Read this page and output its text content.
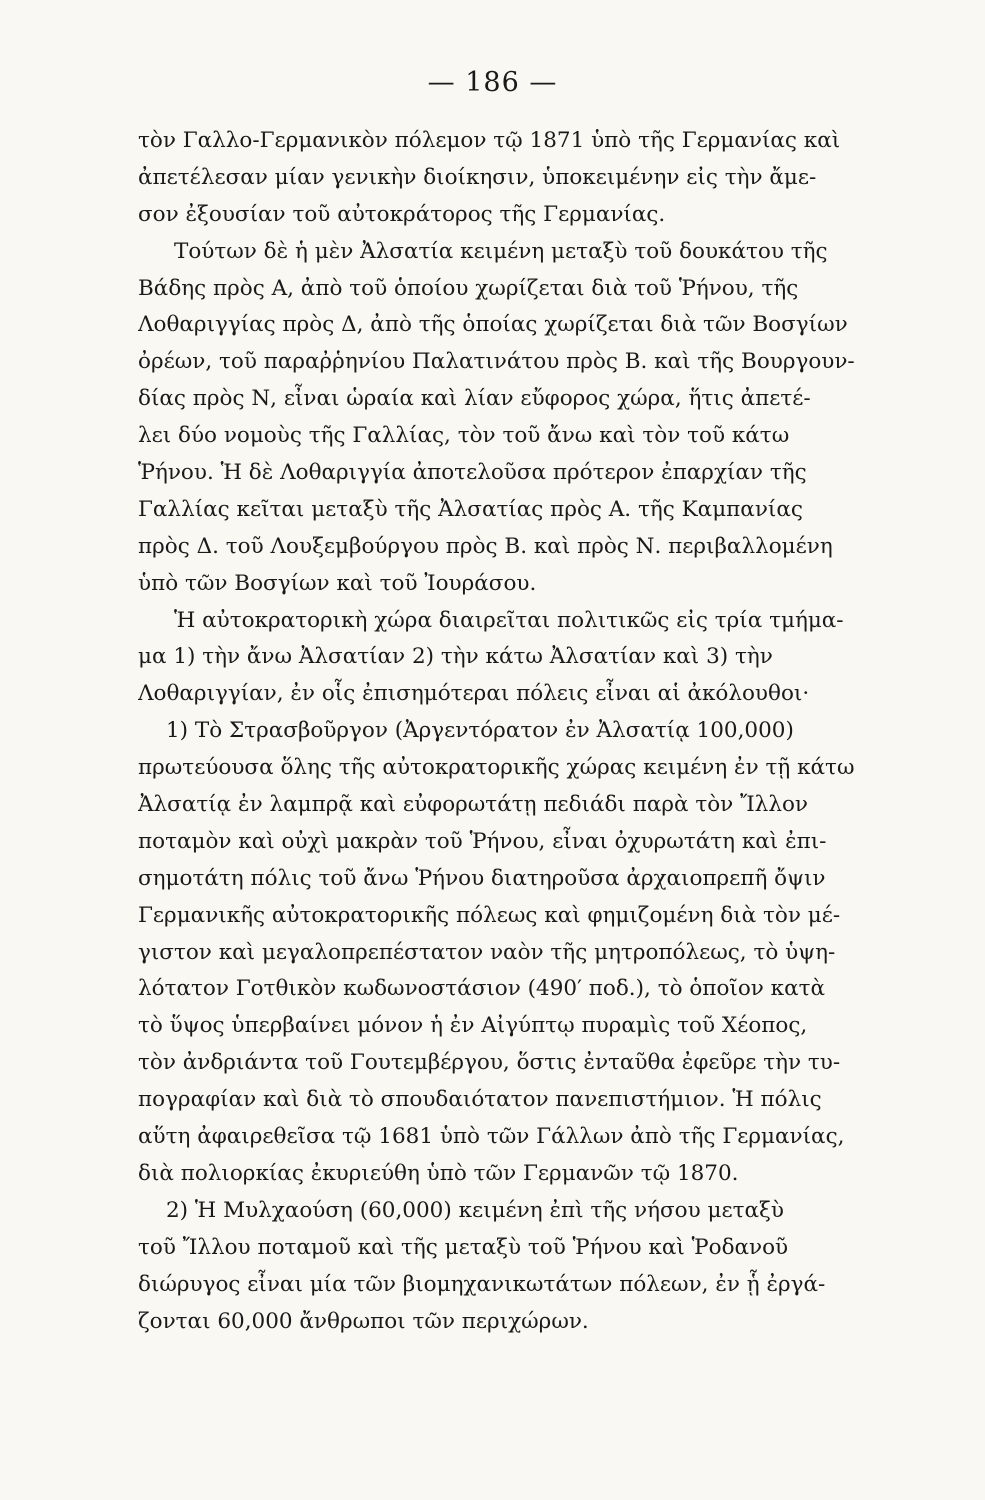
— 186 —
τὸν Γαλλο-Γερμανικὸν πόλεμον τῷ 1871 ὑπὸ τῆς Γερμανίας καὶ
ἀπετέλεσαν μίαν γενικὴν διοίκησιν, ὑποκειμένην εἰς τὴν ἄμε-
σον ἐξουσίαν τοῦ αὐτοκράτορος τῆς Γερμανίας.
Τούτων δὲ ἡ μὲν Ἀλσατία κειμένη μεταξὺ τοῦ δουκάτου τῆς
Βάδης πρὸς Α, ἀπὸ τοῦ ὁποίου χωρίζεται διὰ τοῦ Ῥήνου, τῆς
Λοθαριγγίας πρὸς Δ, ἀπὸ τῆς ὁποίας χωρίζεται διὰ τῶν Βοσγίων
ὀρέων, τοῦ παραῤῥηνίου Παλατινάτου πρὸς Β. καὶ τῆς Βουργουν-
δίας πρὸς Ν, εἶναι ὡραία καὶ λίαν εὔφορος χώρα, ἥτις ἀπετέ-
λει δύο νομοὺς τῆς Γαλλίας, τὸν τοῦ ἄνω καὶ τὸν τοῦ κάτω
Ῥήνου. Ἡ δὲ Λοθαριγγία ἀποτελοῦσα πρότερον ἐπαρχίαν τῆς
Γαλλίας κεῖται μεταξὺ τῆς Ἀλσατίας πρὸς Α. τῆς Καμπανίας
πρὸς Δ. τοῦ Λουξεμβούργου πρὸς Β. καὶ πρὸς Ν. περιβαλλομένη
ὑπὸ τῶν Βοσγίων καὶ τοῦ Ἰουράσου.
Ἡ αὐτοκρατορικὴ χώρα διαιρεῖται πολιτικῶς εἰς τρία τμήμα-
μα 1) τὴν ἄνω Ἀλσατίαν 2) τὴν κάτω Ἀλσατίαν καὶ 3) τὴν
Λοθαριγγίαν, ἐν οἷς ἐπισημότεραι πόλεις εἶναι αἱ ἀκόλουθοι·
1) Τὸ Στρασβοῦργον (Ἀργεντόρατον ἐν Ἀλσατίᾳ 100,000)
πρωτεύουσα ὅλης τῆς αὐτοκρατορικῆς χώρας κειμένη ἐν τῇ κάτω
Ἀλσατίᾳ ἐν λαμπρᾷ καὶ εὐφορωτάτῃ πεδιάδι παρὰ τὸν Ἴλλον
ποταμὸν καὶ οὐχὶ μακρὰν τοῦ Ῥήνου, εἶναι ὀχυρωτάτη καὶ ἐπι-
σημοτάτη πόλις τοῦ ἄνω Ῥήνου διατηροῦσα ἀρχαιοπρεπῆ ὄψιν
Γερμανικῆς αὐτοκρατορικῆς πόλεως καὶ φημιζομένη διὰ τὸν μέ-
γιστον καὶ μεγαλοπρεπέστατον ναὸν τῆς μητροπόλεως, τὸ ὑψη-
λότατον Γοτθικὸν κωδωνοστάσιον (490′ ποδ.), τὸ ὁποῖον κατὰ
τὸ ὕψος ὑπερβαίνει μόνον ἡ ἐν Αἰγύπτῳ πυραμὶς τοῦ Χέοπος,
τὸν ἀνδριάντα τοῦ Γουτεμβέργου, ὅστις ἐνταῦθα ἐφεῦρε τὴν τυ-
πογραφίαν καὶ διὰ τὸ σπουδαιότατον πανεπιστήμιον. Ἡ πόλις
αὕτη ἀφαιρεθεῖσα τῷ 1681 ὑπὸ τῶν Γάλλων ἀπὸ τῆς Γερμανίας,
διὰ πολιορκίας ἐκυριεύθη ὑπὸ τῶν Γερμανῶν τῷ 1870.
2) Ἡ Μυλχαούση (60,000) κειμένη ἐπὶ τῆς νήσου μεταξὺ
τοῦ Ἴλλου ποταμοῦ καὶ τῆς μεταξὺ τοῦ Ῥήνου καὶ Ῥοδανοῦ
διώρυγος εἶναι μία τῶν βιομηχανικωτάτων πόλεων, ἐν ᾗ ἐργά-
ζονται 60,000 ἄνθρωποι τῶν περιχώρων.
